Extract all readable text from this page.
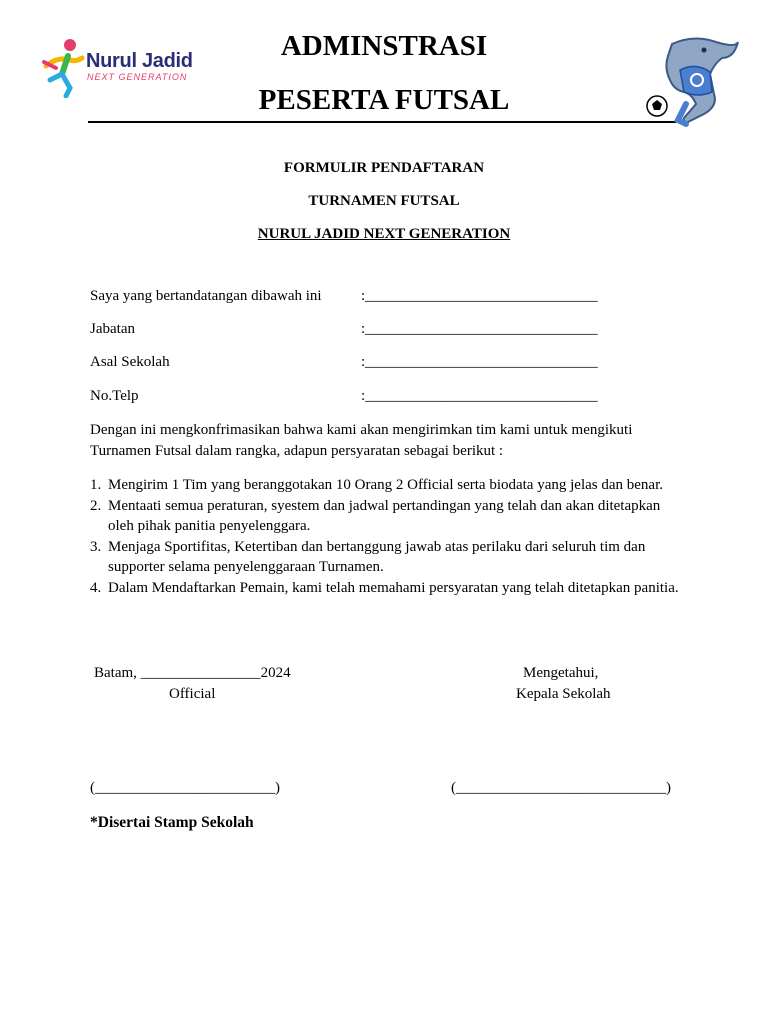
Nurul Jadid
NEXT GENERATION
ADMINSTRASI
PESERTA FUTSAL
FORMULIR PENDAFTARAN
TURNAMEN FUTSAL
NURUL JADID NEXT GENERATION
Saya yang bertandatangan dibawah ini	:_______________________________
Jabatan	:_______________________________
Asal Sekolah	:_______________________________
No.Telp	:_______________________________
Dengan ini mengkonfrimasikan bahwa kami akan mengirimkan tim kami untuk mengikuti Turnamen Futsal dalam rangka, adapun persyaratan sebagai berikut :
1. Mengirim 1 Tim yang beranggotakan 10 Orang 2 Official serta biodata yang jelas dan benar.
2. Mentaati semua peraturan, syestem dan jadwal pertandingan yang telah dan akan ditetapkan oleh pihak panitia penyelenggara.
3. Menjaga Sportifitas, Ketertiban dan bertanggung jawab atas perilaku dari seluruh tim dan supporter selama penyelenggaraan Turnamen.
4. Dalam Mendaftarkan Pemain, kami telah memahami persyaratan yang telah ditetapkan panitia.
Batam, ________________2024
Official
Mengetahui,
Kepala Sekolah
(________________________)	(____________________________)
*Disertai Stamp Sekolah
